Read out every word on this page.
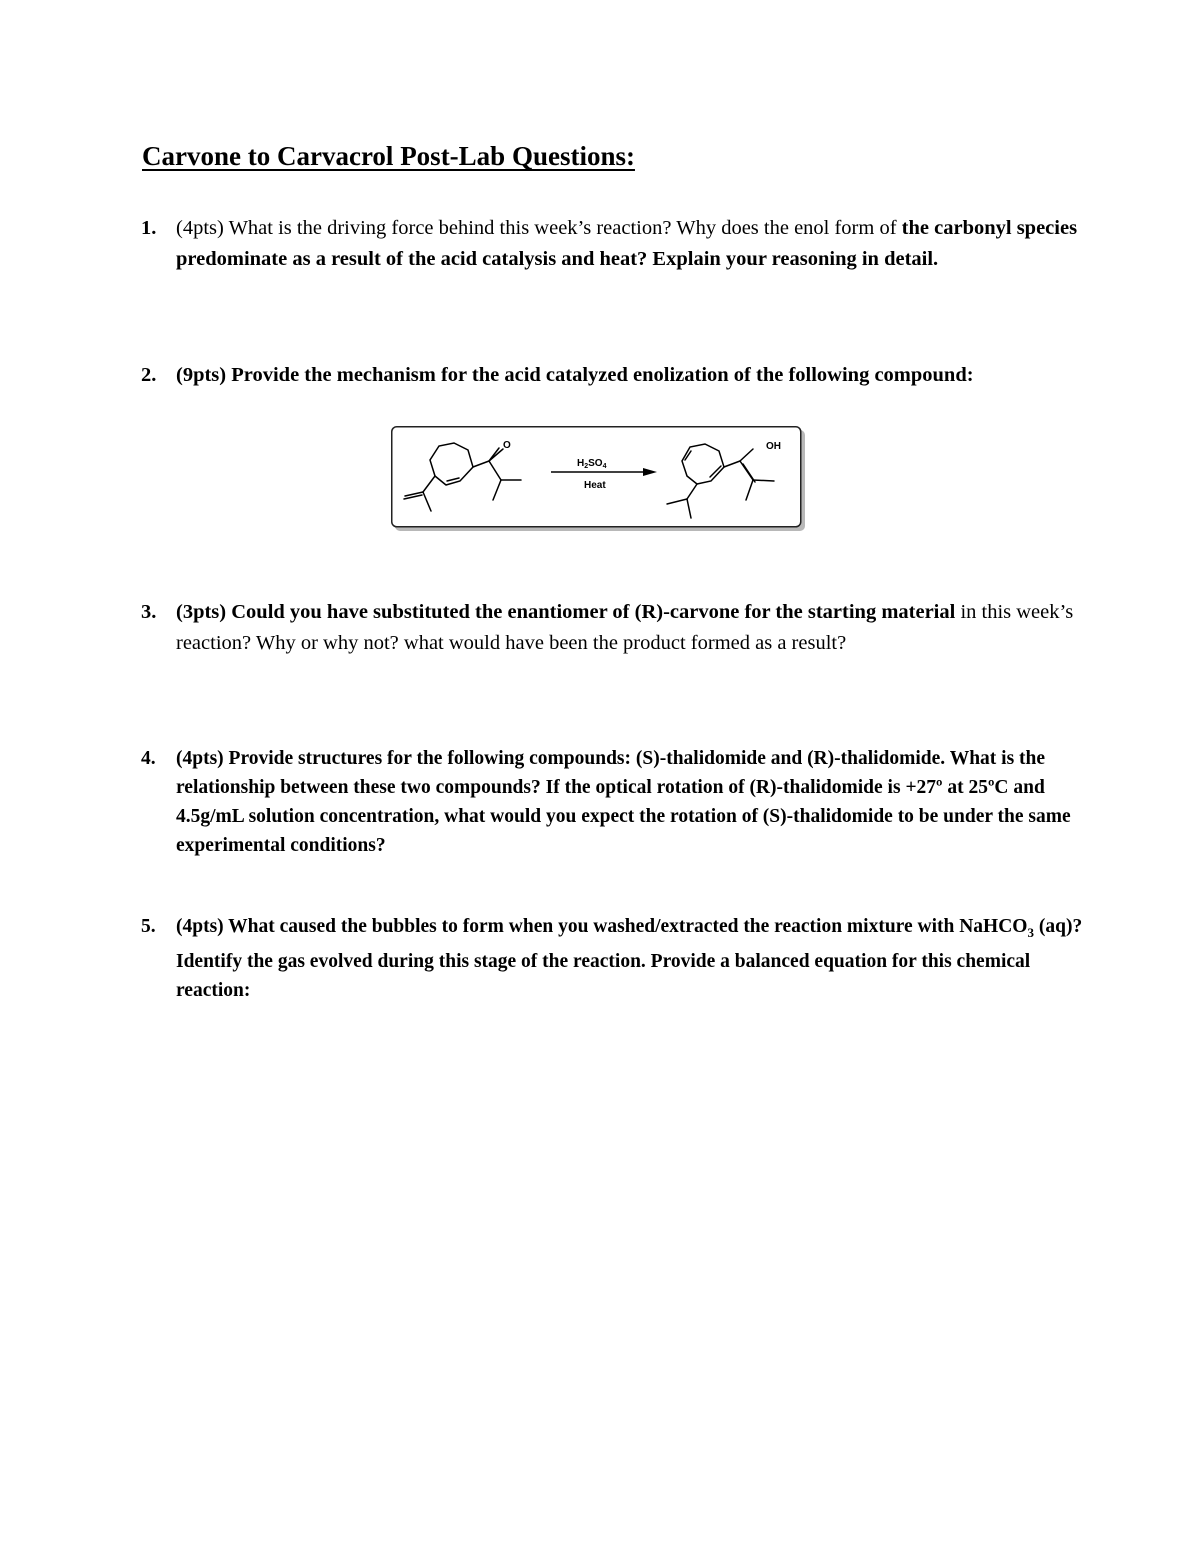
Carvone to Carvacrol Post-Lab Questions:
1. (4pts) What is the driving force behind this week’s reaction? Why does the enol form of the carbonyl species predominate as a result of the acid catalysis and heat? Explain your reasoning in detail.
2. (9pts) Provide the mechanism for the acid catalyzed enolization of the following compound:
O
$H_2SO_4$
Heat
OH
3. (3pts) Could you have substituted the enantiomer of (R)-carvone for the starting material in this week’s reaction? Why or why not? what would have been the product formed as a result?
4. (4pts) Provide structures for the following compounds: (S)-thalidomide and (R)-thalidomide. What is the relationship between these two compounds? If the optical rotation of (R)-thalidomide is +27º at 25ºC and 4.5g/mL solution concentration, what would you expect the rotation of (S)-thalidomide to be under the same experimental conditions?
5. (4pts) What caused the bubbles to form when you washed/extracted the reaction mixture with NaHCO$_3$ (aq)? Identify the gas evolved during this stage of the reaction. Provide a balanced equation for this chemical reaction:
